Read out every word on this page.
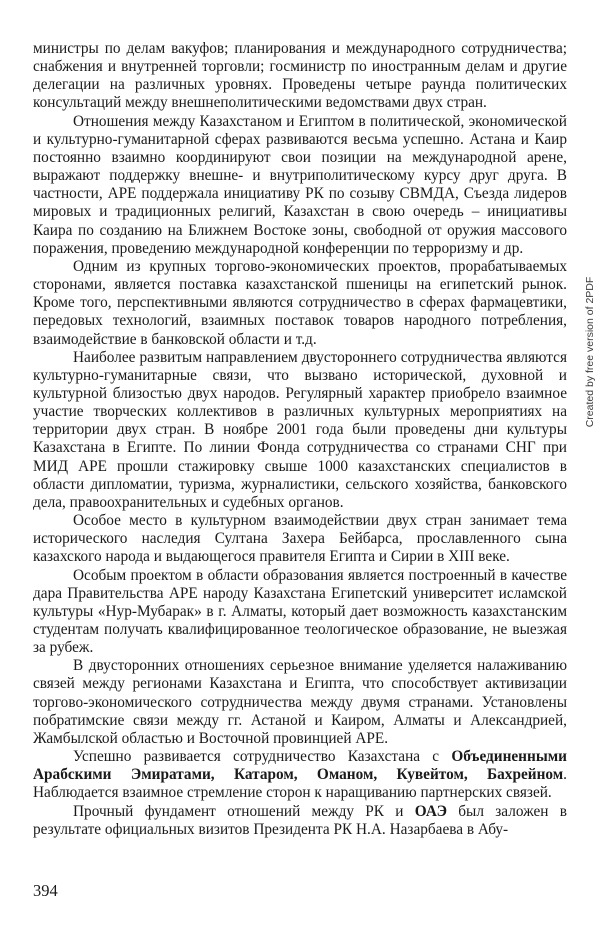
министры по делам вакуфов; планирования и международного сотрудничества; снабжения и внутренней торговли; госминистр по иностранным делам и другие делегации на различных уровнях. Проведены четыре раунда политических консультаций между внешнеполитическими ведомствами двух стран.

Отношения между Казахстаном и Египтом в политической, экономической и культурно-гуманитарной сферах развиваются весьма успешно. Астана и Каир постоянно взаимно координируют свои позиции на международной арене, выражают поддержку внешне- и внутриполитическому курсу друг друга. В частности, АРЕ поддержала инициативу РК по созыву СВМДА, Съезда лидеров мировых и традиционных религий, Казахстан в свою очередь – инициативы Каира по созданию на Ближнем Востоке зоны, свободной от оружия массового поражения, проведению международной конференции по терроризму и др.

Одним из крупных торгово-экономических проектов, прорабатываемых сторонами, является поставка казахстанской пшеницы на египетский рынок. Кроме того, перспективными являются сотрудничество в сферах фармацевтики, передовых технологий, взаимных поставок товаров народного потребления, взаимодействие в банковской области и т.д.

Наиболее развитым направлением двустороннего сотрудничества являются культурно-гуманитарные связи, что вызвано исторической, духовной и культурной близостью двух народов. Регулярный характер приобрело взаимное участие творческих коллективов в различных культурных мероприятиях на территории двух стран. В ноябре 2001 года были проведены дни культуры Казахстана в Египте. По линии Фонда сотрудничества со странами СНГ при МИД АРЕ прошли стажировку свыше 1000 казахстанских специалистов в области дипломатии, туризма, журналистики, сельского хозяйства, банковского дела, правоохранительных и судебных органов.

Особое место в культурном взаимодействии двух стран занимает тема исторического наследия Султана Захера Бейбарса, прославленного сына казахского народа и выдающегося правителя Египта и Сирии в XIII веке.

Особым проектом в области образования является построенный в качестве дара Правительства АРЕ народу Казахстана Египетский университет исламской культуры «Нур-Мубарак» в г. Алматы, который дает возможность казахстанским студентам получать квалифицированное теологическое образование, не выезжая за рубеж.

В двусторонних отношениях серьезное внимание уделяется налаживанию связей между регионами Казахстана и Египта, что способствует активизации торгово-экономического сотрудничества между двумя странами. Установлены побратимские связи между гг. Астаной и Каиром, Алматы и Александрией, Жамбылской областью и Восточной провинцией АРЕ.

Успешно развивается сотрудничество Казахстана с Объединенными Арабскими Эмиратами, Катаром, Оманом, Кувейтом, Бахрейном. Наблюдается взаимное стремление сторон к наращиванию партнерских связей.

Прочный фундамент отношений между РК и ОАЭ был заложен в результате официальных визитов Президента РК Н.А. Назарбаева в Абу-

394
Created by free version of 2PDF
